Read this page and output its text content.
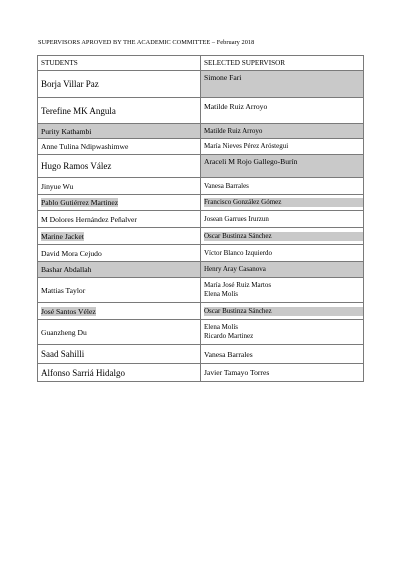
SUPERVISORS APROVED BY THE ACADEMIC COMMITTEE – February 2018
STUDENTS	SELECTED SUPERVISOR
Borja Villar Paz	Simone Fari

Terefine MK Angula	Matilde Ruiz Arroyo

Purity Kathambi	Matilde Ruiz Arroyo

Anne Tulina Ndipwashimwe	María Nieves Pérez Aróstegui

Hugo Ramos Vález	Araceli M Rojo Gallego-Burín

Jinyue Wu	Vanesa Barrales

Pablo Gutiérrez Martinez	Francisco González Gómez

M Dolores Hernández Peñalver	Josean Garrues Irurzun

Marine Jacket	Oscar Bustinza Sánchez

David Mora Cejudo	Víctor Blanco Izquierdo

Bashar Abdallah	Henry Aray Casanova

Mattias Taylor	María José Ruiz Martos
Elena Molís

José Santos Vélez	Oscar Bustinza Sánchez

Guanzheng Du	Elena Molís
Ricardo Martinez

Saad Sahilli	Vanesa Barrales

Alfonso Sarriá Hidalgo	Javier Tamayo Torres
